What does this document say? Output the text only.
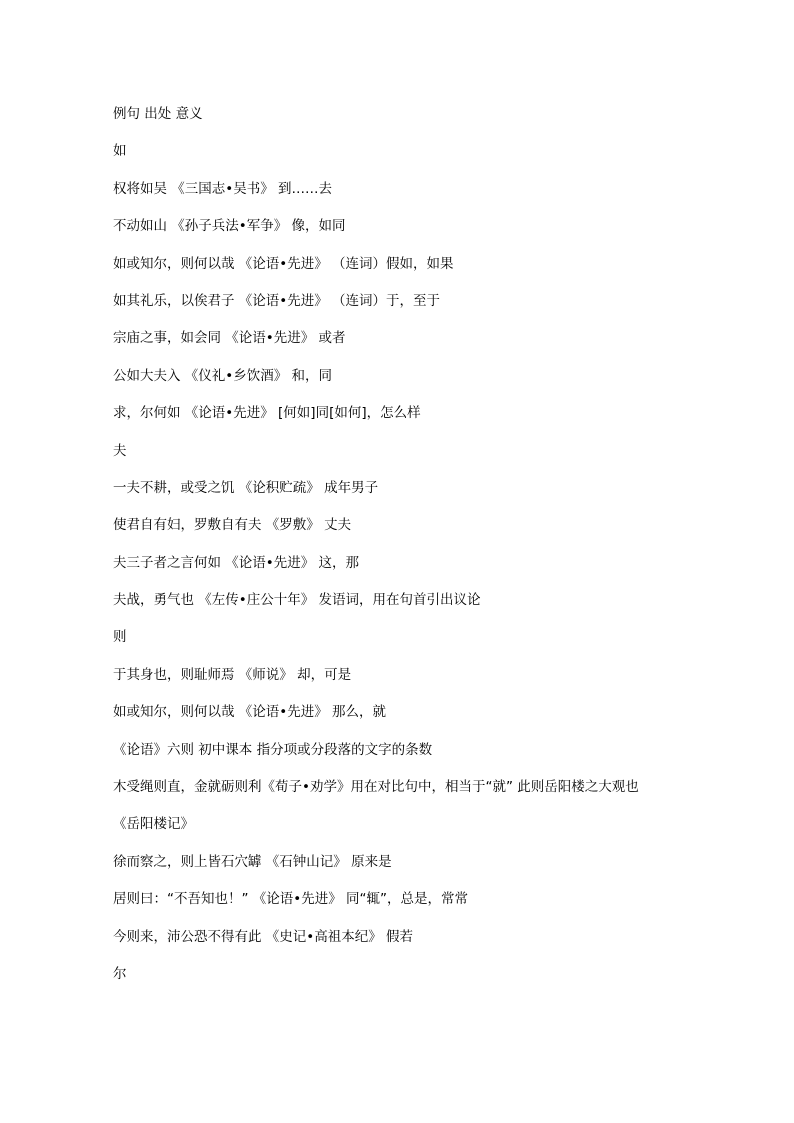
例句 出处 意义
如
权将如吴 《三国志•吴书》 到……去
不动如山 《孙子兵法•军争》 像，如同
如或知尔，则何以哉 《论语•先进》 （连词）假如，如果
如其礼乐，以俟君子 《论语•先进》 （连词）于，至于
宗庙之事，如会同 《论语•先进》 或者
公如大夫入 《仪礼•乡饮酒》 和，同
求，尔何如 《论语•先进》 [何如]同[如何]，怎么样
夫
一夫不耕，或受之饥 《论积贮疏》 成年男子
使君自有妇，罗敷自有夫 《罗敷》 丈夫
夫三子者之言何如 《论语•先进》 这，那
夫战，勇气也 《左传•庄公十年》 发语词，用在句首引出议论
则
于其身也，则耻师焉 《师说》 却，可是
如或知尔，则何以哉 《论语•先进》 那么，就
《论语》六则 初中课本 指分项或分段落的文字的条数
木受绳则直，金就砺则利《荀子•劝学》用在对比句中，相当于“就” 此则岳阳楼之大观也
《岳阳楼记》
徐而察之，则上皆石穴罅 《石钟山记》 原来是
居则曰：“不吾知也！” 《论语•先进》 同“辄”，总是，常常
今则来，沛公恐不得有此 《史记•高祖本纪》 假若
尔
